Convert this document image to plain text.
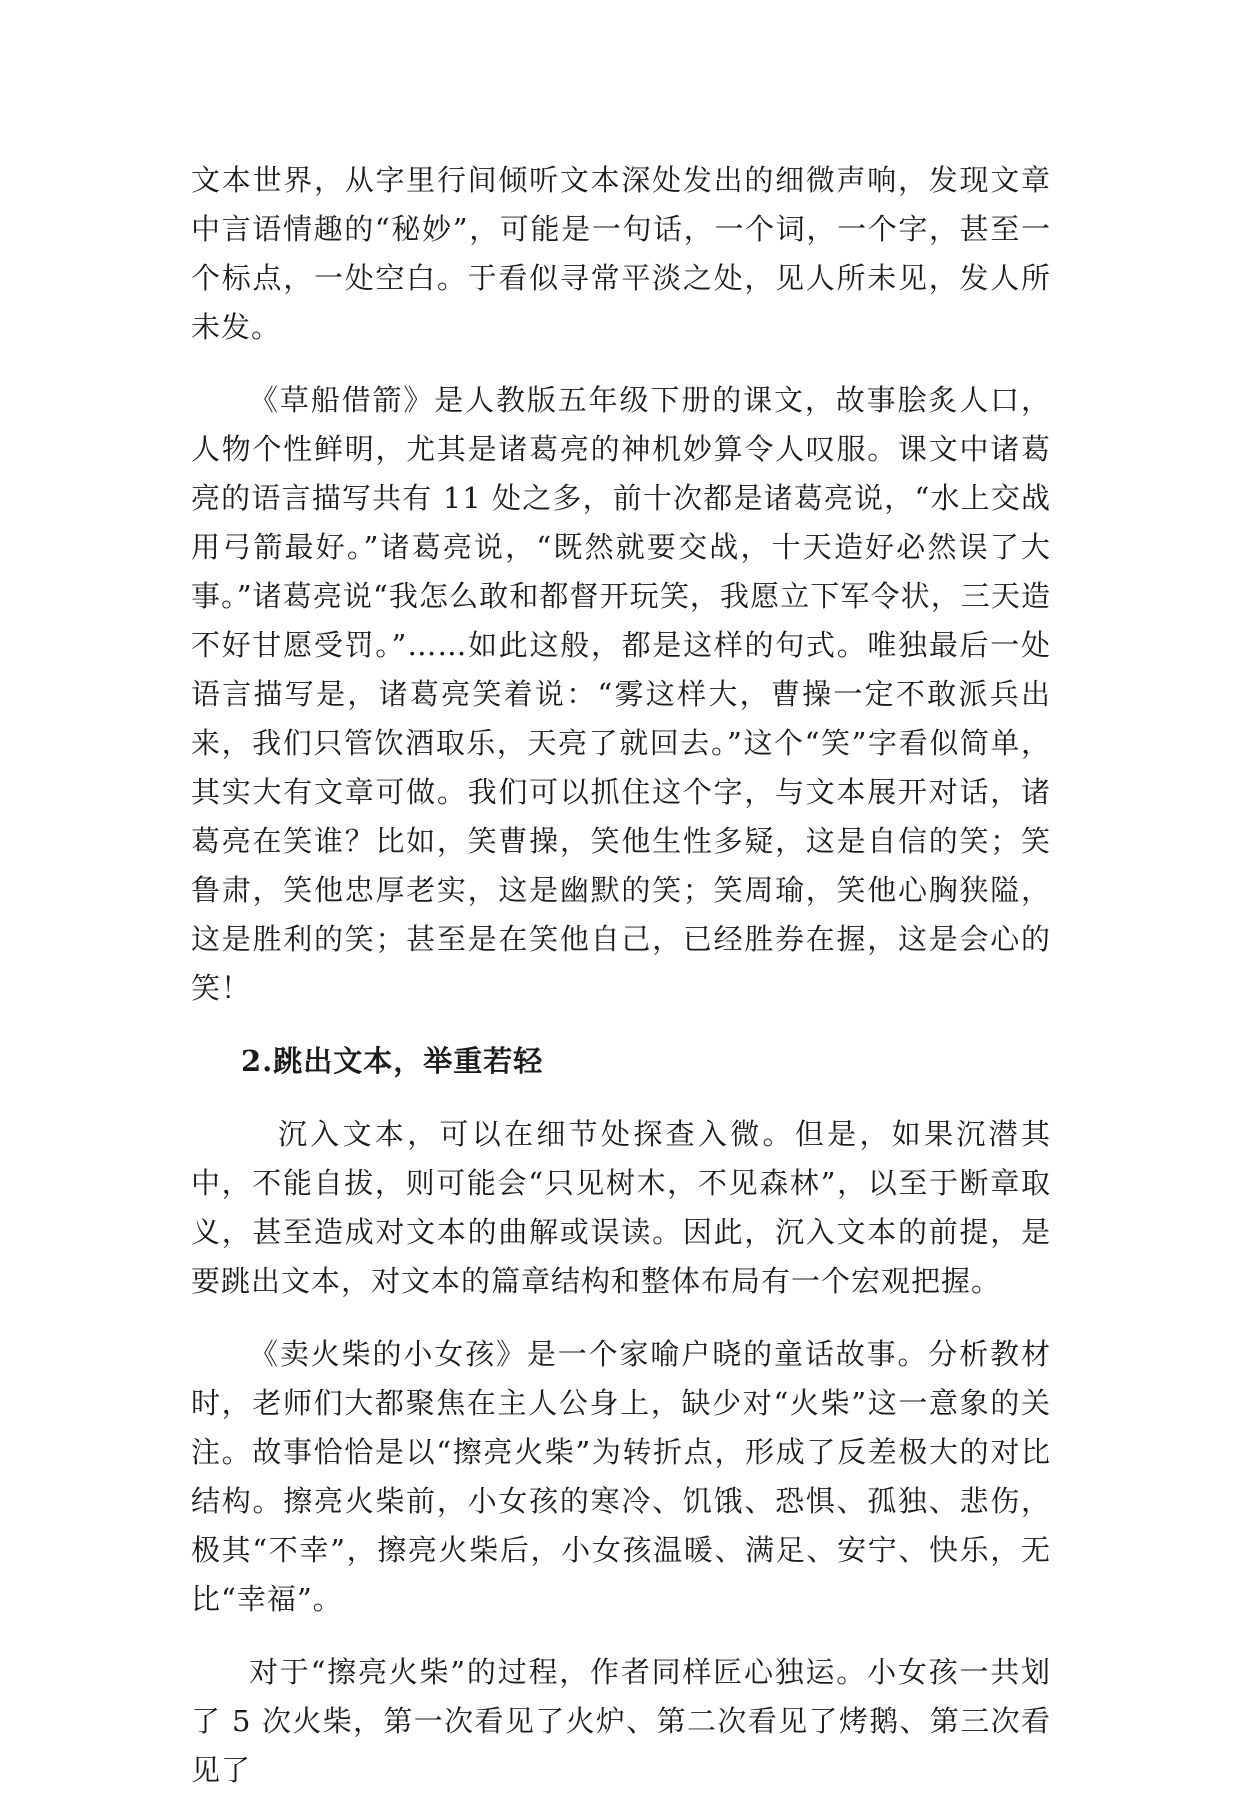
文本世界，从字里行间倾听文本深处发出的细微声响，发现文章中言语情趣的“秘妙”，可能是一句话，一个词，一个字，甚至一个标点，一处空白。于看似寻常平淡之处，见人所未见，发人所未发。

《草船借箭》是人教版五年级下册的课文，故事脍炙人口，人物个性鲜明，尤其是诸葛亮的神机妙算令人叹服。课文中诸葛亮的语言描写共有 11 处之多，前十次都是诸葛亮说，“水上交战用弓箭最好。”诸葛亮说，“既然就要交战，十天造好必然误了大事。”诸葛亮说“我怎么敢和都督开玩笑，我愿立下军令状，三天造不好甘愿受罚。”……如此这般，都是这样的句式。唯独最后一处语言描写是，诸葛亮笑着说：“雾这样大，曹操一定不敢派兵出来，我们只管饮酒取乐，天亮了就回去。”这个“笑”字看似简单，其实大有文章可做。我们可以抓住这个字，与文本展开对话，诸葛亮在笑谁？比如，笑曹操，笑他生性多疑，这是自信的笑；笑鲁肃，笑他忠厚老实，这是幽默的笑；笑周瑜，笑他心胸狭隘，这是胜利的笑；甚至是在笑他自己，已经胜券在握，这是会心的笑！

2.跳出文本，举重若轻

沉入文本，可以在细节处探查入微。但是，如果沉潜其中，不能自拔，则可能会“只见树木，不见森林”，以至于断章取义，甚至造成对文本的曲解或误读。因此，沉入文本的前提，是要跳出文本，对文本的篇章结构和整体布局有一个宏观把握。

《卖火柴的小女孩》是一个家喻户晓的童话故事。分析教材时，老师们大都聚焦在主人公身上，缺少对“火柴”这一意象的关注。故事恰恰是以“擦亮火柴”为转折点，形成了反差极大的对比结构。擦亮火柴前，小女孩的寒冷、饥饿、恐惧、孤独、悲伤，极其“不幸”，擦亮火柴后，小女孩温暖、满足、安宁、快乐，无比“幸福”。

对于“擦亮火柴”的过程，作者同样匠心独运。小女孩一共划了 5 次火柴，第一次看见了火炉、第二次看见了烤鹅、第三次看见了
